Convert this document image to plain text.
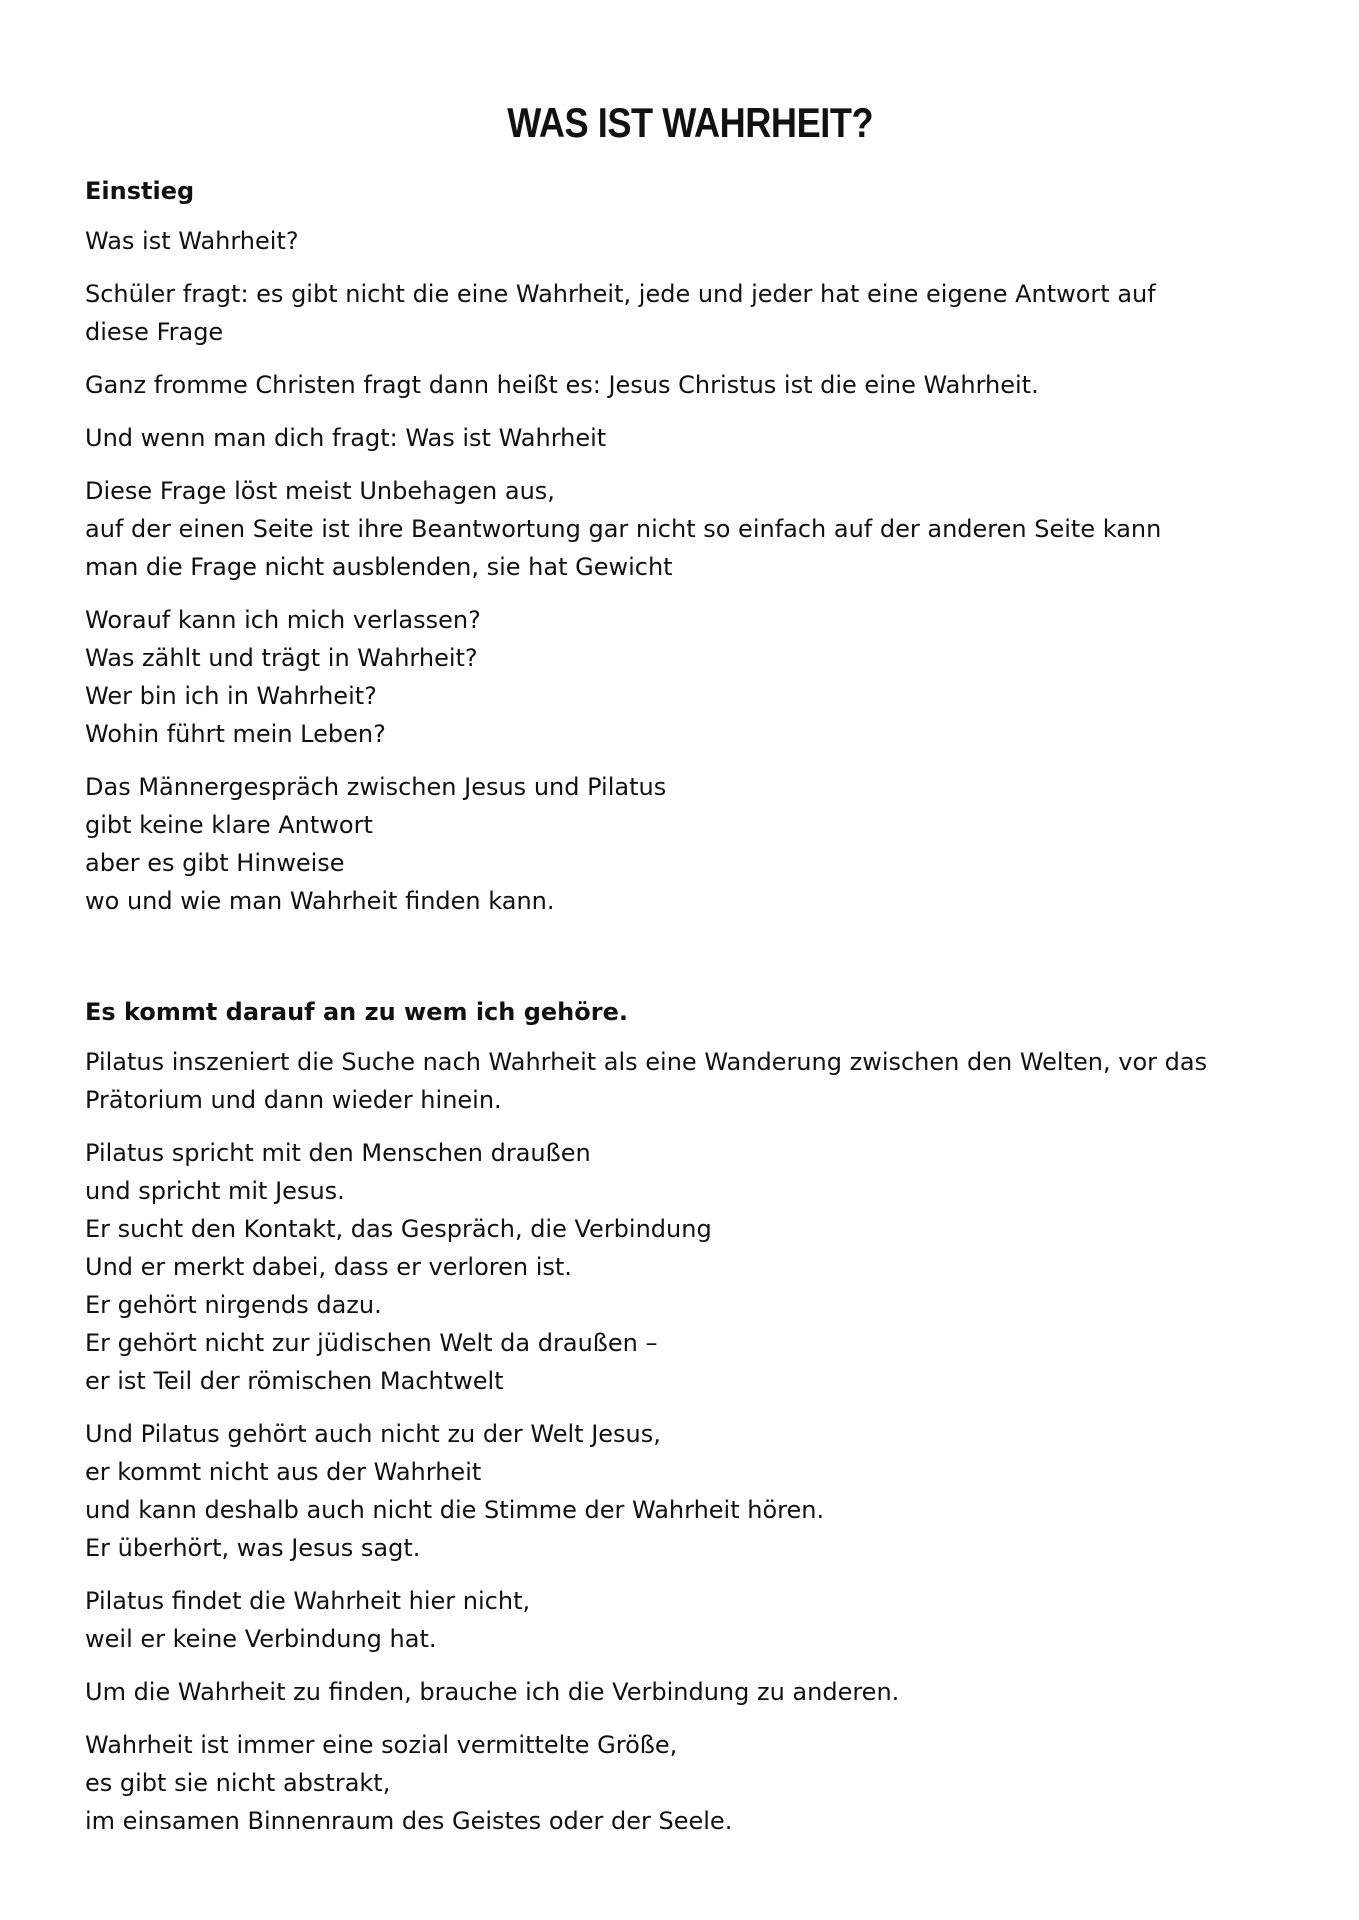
WAS IST WAHRHEIT?
Einstieg
Was ist Wahrheit?
Schüler fragt: es gibt nicht die eine Wahrheit, jede und jeder hat eine eigene Antwort auf
diese Frage
Ganz fromme Christen fragt dann heißt es: Jesus Christus ist die eine Wahrheit.
Und wenn man dich fragt: Was ist Wahrheit
Diese Frage löst meist Unbehagen aus,
auf der einen Seite ist ihre Beantwortung gar nicht so einfach auf der anderen Seite kann
man die Frage nicht ausblenden, sie hat Gewicht
Worauf kann ich mich verlassen?
Was zählt und trägt in Wahrheit?
Wer bin ich in Wahrheit?
Wohin führt mein Leben?
Das Männergespräch zwischen Jesus und Pilatus
gibt keine klare Antwort
aber es gibt Hinweise
wo und wie man Wahrheit finden kann.
Es kommt darauf an zu wem ich gehöre.
Pilatus inszeniert die Suche nach Wahrheit als eine Wanderung zwischen den Welten, vor das
Prätorium und dann wieder hinein.
Pilatus spricht mit den Menschen draußen
und spricht mit Jesus.
Er sucht den Kontakt, das Gespräch, die Verbindung
Und er merkt dabei, dass er verloren ist.
Er gehört nirgends dazu.
Er gehört nicht zur jüdischen Welt da draußen –
er ist Teil der römischen Machtwelt
Und Pilatus gehört auch nicht zu der Welt Jesus,
er kommt nicht aus der Wahrheit
und kann deshalb auch nicht die Stimme der Wahrheit hören.
Er überhört, was Jesus sagt.
Pilatus findet die Wahrheit hier nicht,
weil er keine Verbindung hat.
Um die Wahrheit zu finden, brauche ich die Verbindung zu anderen.
Wahrheit ist immer eine sozial vermittelte Größe,
es gibt sie nicht abstrakt,
im einsamen Binnenraum des Geistes oder der Seele.
